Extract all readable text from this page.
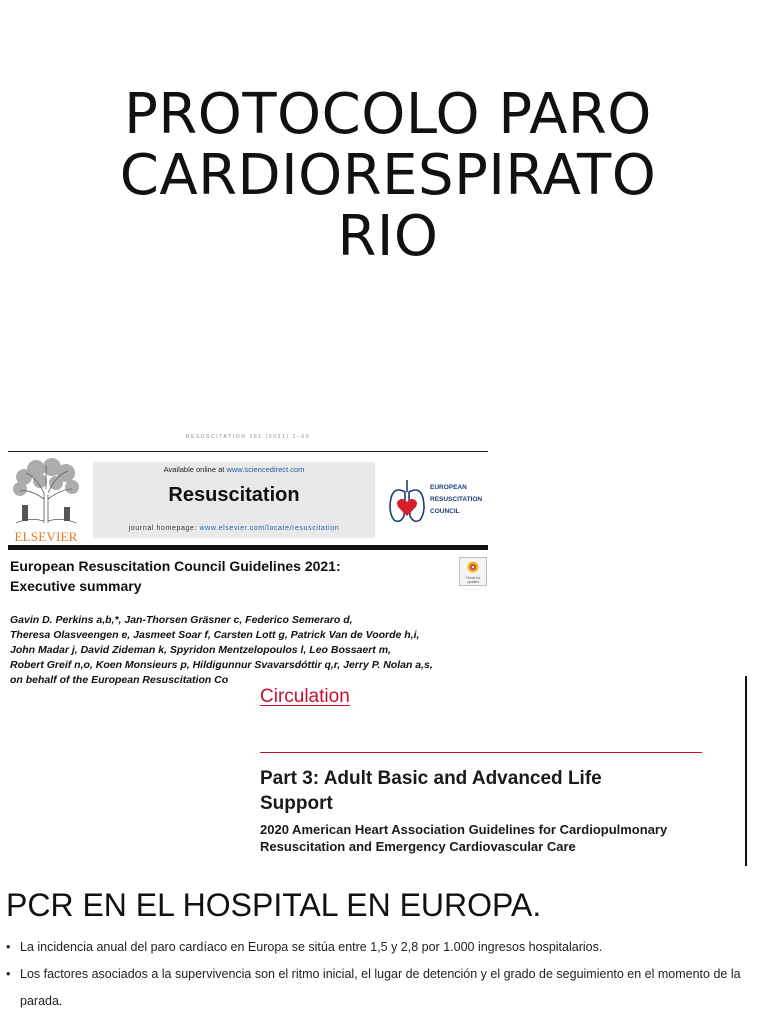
PROTOCOLO PARO
CARDIORESPIRATO
RIO
RESUSCITATION 161 (2021) 1–60
ELSEVIER
Available online at www.sciencedirect.com
Resuscitation
journal homepage: www.elsevier.com/locate/resuscitation
EUROPEAN
RESUSCITATION
COUNCIL
European Resuscitation Council Guidelines 2021:
Executive summary	Check for updates
Gavin D. Perkins a,b,*, Jan-Thorsen Gräsner c, Federico Semeraro d,
Theresa Olasveengen e, Jasmeet Soar f, Carsten Lott g, Patrick Van de Voorde h,i,
John Madar j, David Zideman k, Spyridon Mentzelopoulos l, Leo Bossaert m,
Robert Greif n,o, Koen Monsieurs p, Hildigunnur Svavarsdóttir q,r, Jerry P. Nolan a,s,
on behalf of the European Resuscitation Co
Circulation
Part 3: Adult Basic and Advanced Life
Support
2020 American Heart Association Guidelines for Cardiopulmonary
Resuscitation and Emergency Cardiovascular Care
PCR EN EL HOSPITAL EN EUROPA.
• La incidencia anual del paro cardíaco en Europa se sitúa entre 1,5 y 2,8 por 1.000 ingresos hospitalarios.
• Los factores asociados a la supervivencia son el ritmo inicial, el lugar de detención y el grado de seguimiento en el momento de la parada.
